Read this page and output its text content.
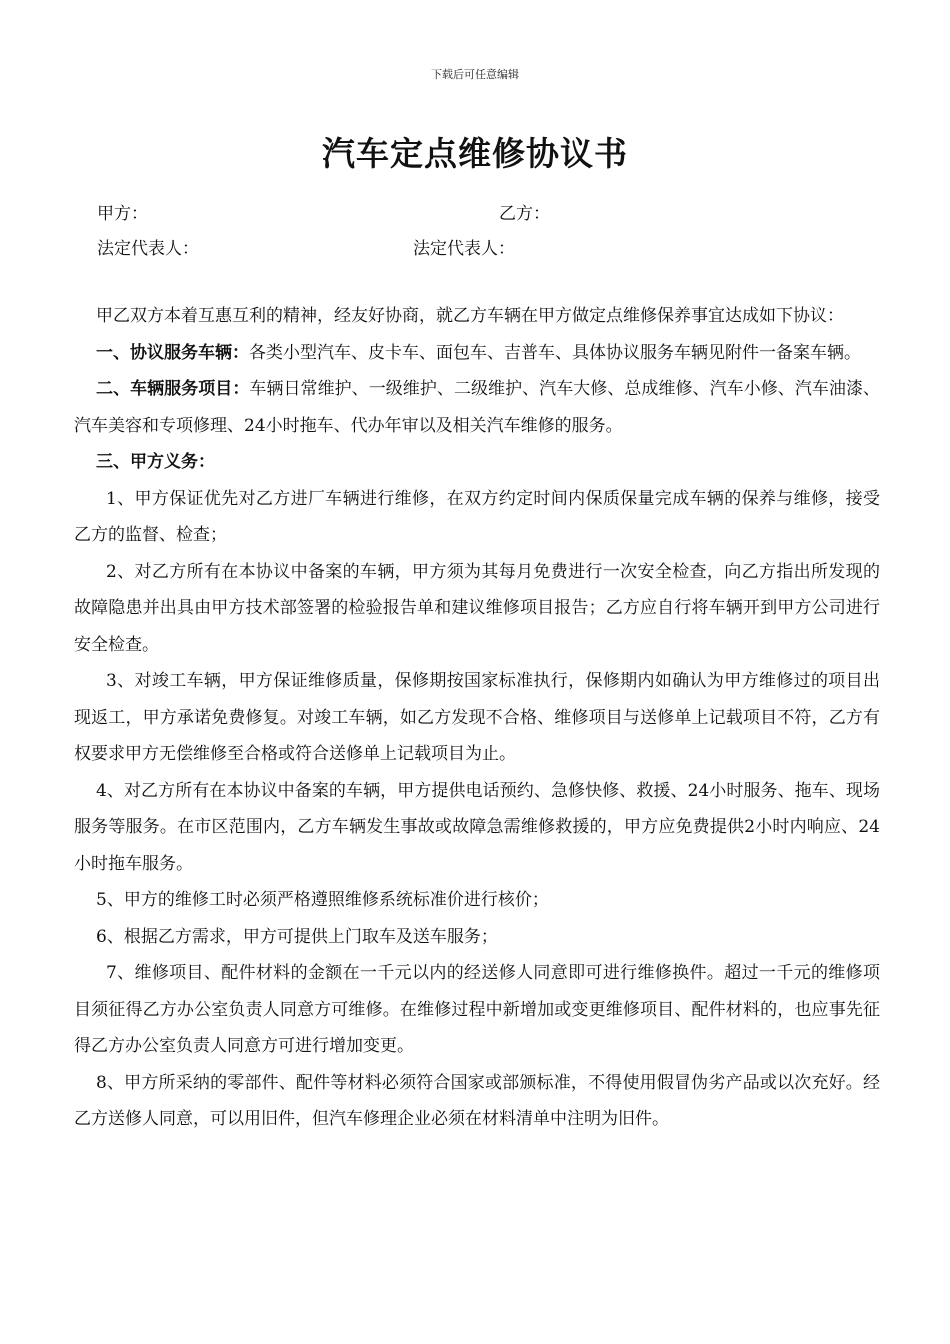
下载后可任意编辑
汽车定点维修协议书
甲方：	乙方：
法定代表人：	法定代表人：

甲乙双方本着互惠互利的精神，经友好协商，就乙方车辆在甲方做定点维修保养事宜达成如下协议：

一、协议服务车辆：各类小型汽车、皮卡车、面包车、吉普车、具体协议服务车辆见附件一备案车辆。

二、车辆服务项目：车辆日常维护、一级维护、二级维护、汽车大修、总成维修、汽车小修、汽车油漆、汽车美容和专项修理、24小时拖车、代办年审以及相关汽车维修的服务。

三、甲方义务：

1、甲方保证优先对乙方进厂车辆进行维修，在双方约定时间内保质保量完成车辆的保养与维修，接受乙方的监督、检查；

2、对乙方所有在本协议中备案的车辆，甲方须为其每月免费进行一次安全检查，向乙方指出所发现的故障隐患并出具由甲方技术部签署的检验报告单和建议维修项目报告；乙方应自行将车辆开到甲方公司进行安全检查。

3、对竣工车辆，甲方保证维修质量，保修期按国家标准执行，保修期内如确认为甲方维修过的项目出现返工，甲方承诺免费修复。对竣工车辆，如乙方发现不合格、维修项目与送修单上记载项目不符，乙方有权要求甲方无偿维修至合格或符合送修单上记载项目为止。

4、对乙方所有在本协议中备案的车辆，甲方提供电话预约、急修快修、救援、24小时服务、拖车、现场服务等服务。在市区范围内，乙方车辆发生事故或故障急需维修救援的，甲方应免费提供2小时内响应、24小时拖车服务。

5、甲方的维修工时必须严格遵照维修系统标准价进行核价；

6、根据乙方需求，甲方可提供上门取车及送车服务；

7、维修项目、配件材料的金额在一千元以内的经送修人同意即可进行维修换件。超过一千元的维修项目须征得乙方办公室负责人同意方可维修。在维修过程中新增加或变更维修项目、配件材料的，也应事先征得乙方办公室负责人同意方可进行增加变更。

8、甲方所采纳的零部件、配件等材料必须符合国家或部颁标准，不得使用假冒伪劣产品或以次充好。经乙方送修人同意，可以用旧件，但汽车修理企业必须在材料清单中注明为旧件。
